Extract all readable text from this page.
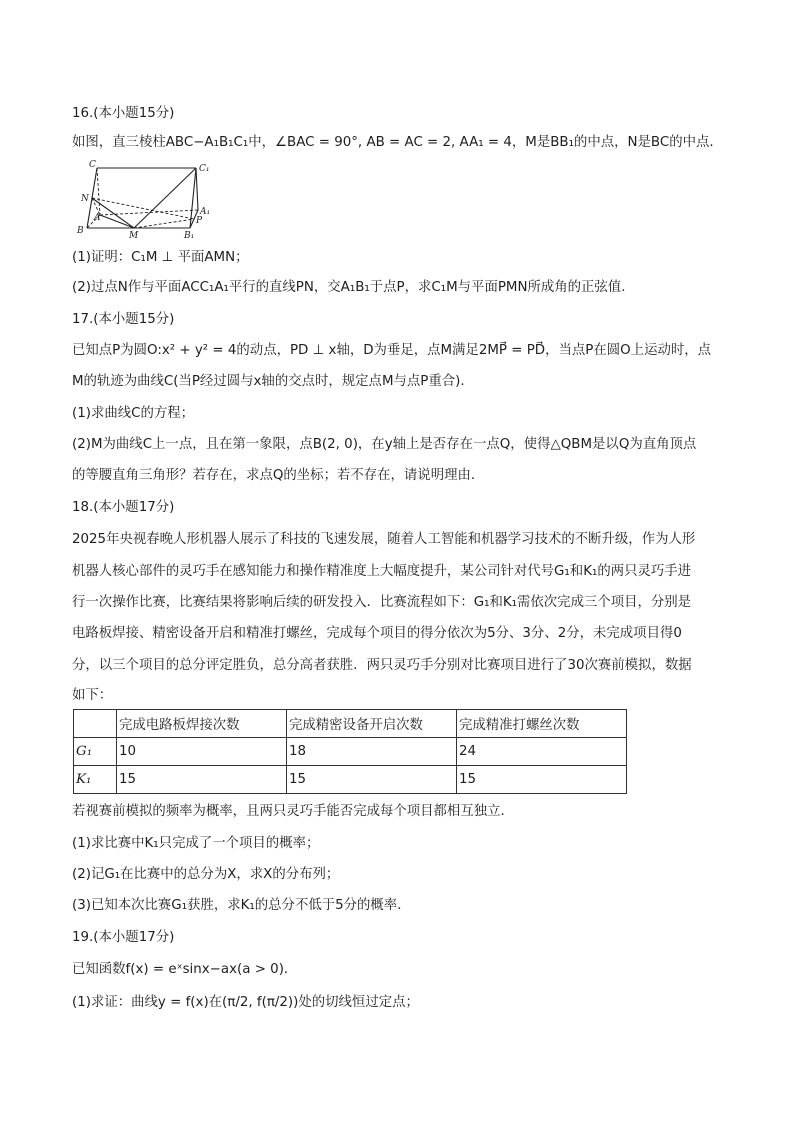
16.(本小题15分)
如图，直三棱柱ABC−A₁B₁C₁中，∠BAC = 90°, AB = AC = 2, AA₁ = 4，M是BB₁的中点，N是BC的中点．
C	C₁
N
A
A₁
P
B	M	B₁
(1)证明：C₁M ⊥ 平面AMN；
(2)过点N作与平面ACC₁A₁平行的直线PN，交A₁B₁于点P，求C₁M与平面PMN所成角的正弦值．
17.(本小题15分)
已知点P为圆O:x² + y² = 4的动点，PD ⊥ x轴，D为垂足，点M满足2MP⃗ = PD⃗，当点P在圆O上运动时，点
M的轨迹为曲线C(当P经过圆与x轴的交点时，规定点M与点P重合)．
(1)求曲线C的方程；
(2)M为曲线C上一点，且在第一象限，点B(2, 0)，在y轴上是否存在一点Q，使得△QBM是以Q为直角顶点
的等腰直角三角形？若存在，求点Q的坐标；若不存在，请说明理由．
18.(本小题17分)
2025年央视春晚人形机器人展示了科技的飞速发展，随着人工智能和机器学习技术的不断升级，作为人形
机器人核心部件的灵巧手在感知能力和操作精准度上大幅度提升，某公司针对代号G₁和K₁的两只灵巧手进
行一次操作比赛，比赛结果将影响后续的研发投入．比赛流程如下：G₁和K₁需依次完成三个项目，分别是
电路板焊接、精密设备开启和精准打螺丝，完成每个项目的得分依次为5分、3分、2分，未完成项目得0
分，以三个项目的总分评定胜负，总分高者获胜．两只灵巧手分别对比赛项目进行了30次赛前模拟，数据
如下：
	完成电路板焊接次数	完成精密设备开启次数	完成精准打螺丝次数
G₁	10	18	24
K₁	15	15	15
若视赛前模拟的频率为概率，且两只灵巧手能否完成每个项目都相互独立．
(1)求比赛中K₁只完成了一个项目的概率；
(2)记G₁在比赛中的总分为X，求X的分布列；
(3)已知本次比赛G₁获胜，求K₁的总分不低于5分的概率．
19.(本小题17分)
已知函数f(x) = eˣsinx−ax(a > 0)．
(1)求证：曲线y = f(x)在(π/2, f(π/2))处的切线恒过定点；
